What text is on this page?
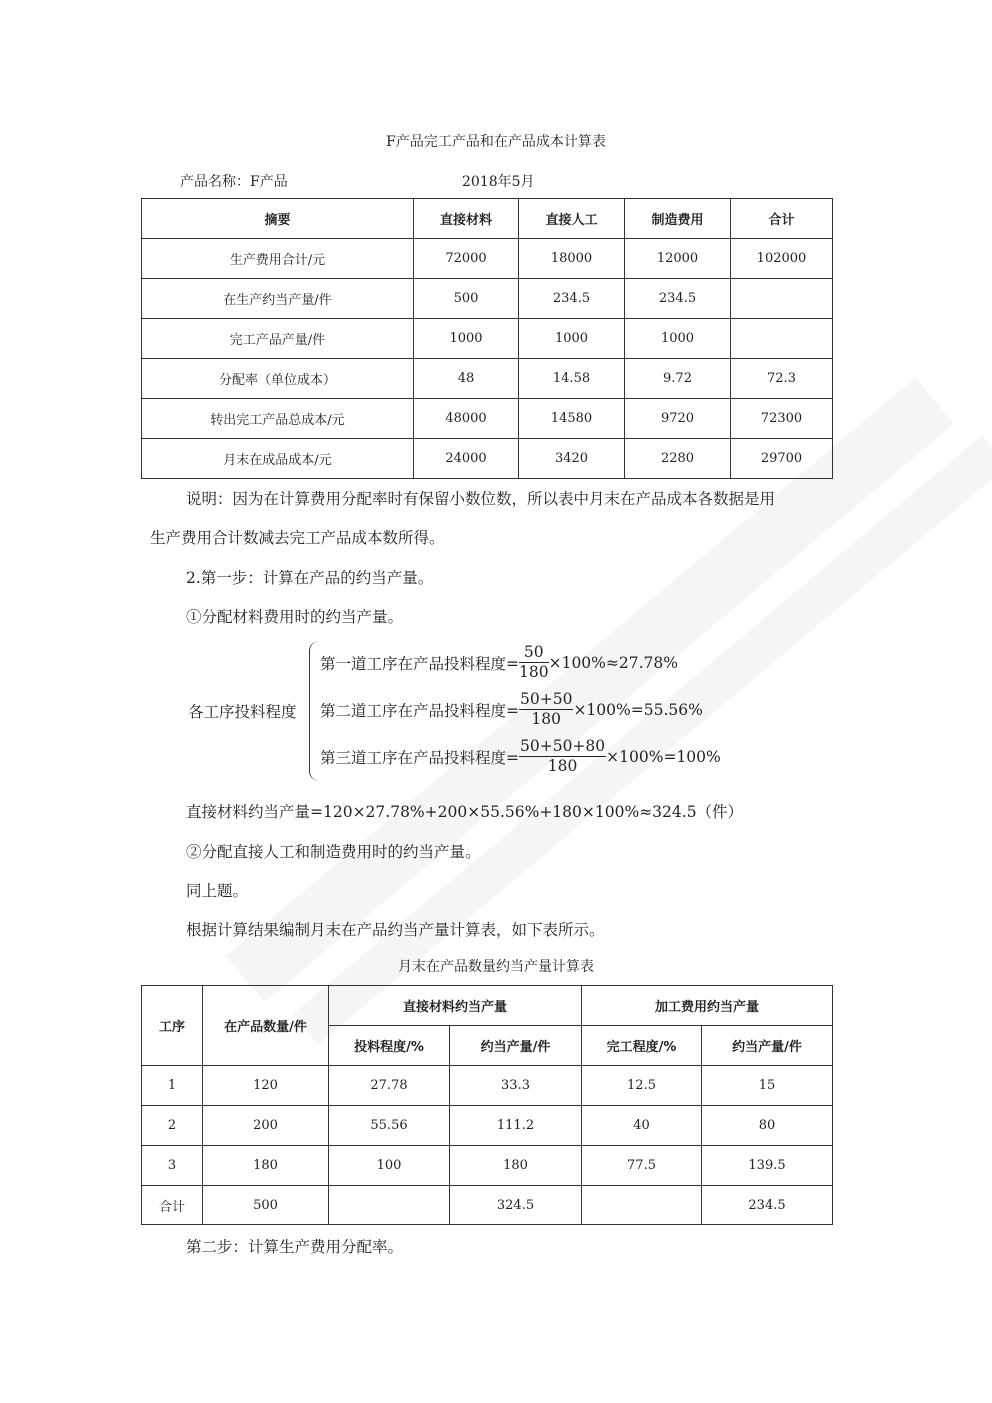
F产品完工产品和在产品成本计算表
产品名称：F产品	2018年5月
摘要	直接材料	直接人工	制造费用	合计
生产费用合计/元	72000	18000	12000	102000
在生产约当产量/件	500	234.5	234.5	
完工产品产量/件	1000	1000	1000	
分配率（单位成本）	48	14.58	9.72	72.3
转出完工产品总成本/元	48000	14580	9720	72300
月末在成品成本/元	24000	3420	2280	29700
说明：因为在计算费用分配率时有保留小数位数，所以表中月末在产品成本各数据是用
生产费用合计数减去完工产品成本数所得。
2.第一步：计算在产品的约当产量。
①分配材料费用时的约当产量。
各工序投料程度
第一道工序在产品投料程度= $\frac{50}{180} \times 100\%\approx 27.78\%$
第二道工序在产品投料程度= $\frac{50+50}{180} \times 100\%=55.56\%$
第三道工序在产品投料程度= $\frac{50+50+80}{180} \times 100\%=100\%$
直接材料约当产量=120×27.78%+200×55.56%+180×100%≈324.5（件）
②分配直接人工和制造费用时的约当产量。
同上题。
根据计算结果编制月末在产品约当产量计算表，如下表所示。
月末在产品数量约当产量计算表
工序	在产品数量/件	直接材料约当产量		加工费用约当产量	
		投料程度/%	约当产量/件	完工程度/%	约当产量/件
1	120	27.78	33.3	12.5	15
2	200	55.56	111.2	40	80
3	180	100	180	77.5	139.5
合计	500		324.5		234.5
第二步：计算生产费用分配率。
